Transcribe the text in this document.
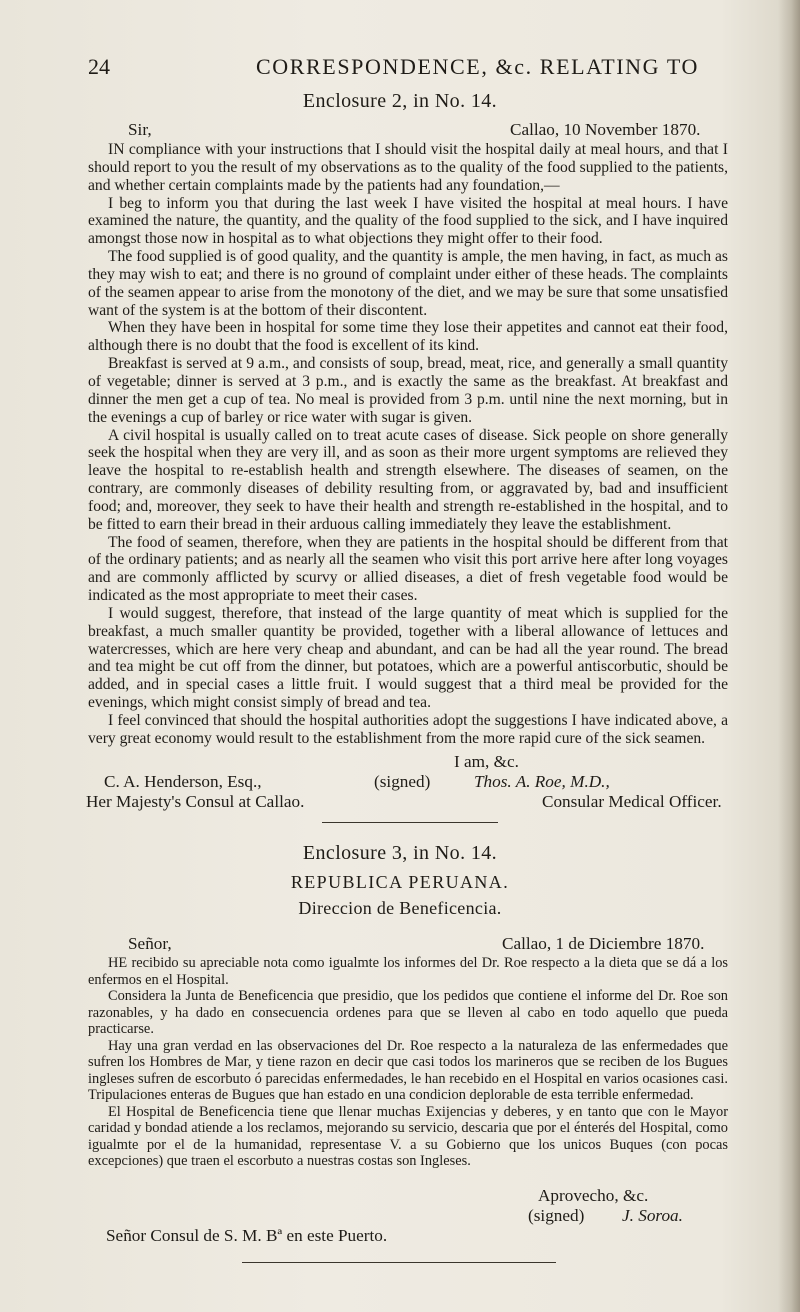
24	CORRESPONDENCE, &c. RELATING TO
Enclosure 2, in No. 14.
Sir,	Callao, 10 November 1870.

IN compliance with your instructions that I should visit the hospital daily at meal hours, and that I should report to you the result of my observations as to the quality of the food supplied to the patients, and whether certain complaints made by the patients had any foundation,—

I beg to inform you that during the last week I have visited the hospital at meal hours. I have examined the nature, the quantity, and the quality of the food supplied to the sick, and I have inquired amongst those now in hospital as to what objections they might offer to their food.

The food supplied is of good quality, and the quantity is ample, the men having, in fact, as much as they may wish to eat; and there is no ground of complaint under either of these heads. The complaints of the seamen appear to arise from the monotony of the diet, and we may be sure that some unsatisfied want of the system is at the bottom of their discontent.

When they have been in hospital for some time they lose their appetites and cannot eat their food, although there is no doubt that the food is excellent of its kind.

Breakfast is served at 9 a.m., and consists of soup, bread, meat, rice, and generally a small quantity of vegetable; dinner is served at 3 p.m., and is exactly the same as the breakfast. At breakfast and dinner the men get a cup of tea. No meal is provided from 3 p.m. until nine the next morning, but in the evenings a cup of barley or rice water with sugar is given.

A civil hospital is usually called on to treat acute cases of disease. Sick people on shore generally seek the hospital when they are very ill, and as soon as their more urgent symptoms are relieved they leave the hospital to re-establish health and strength elsewhere. The diseases of seamen, on the contrary, are commonly diseases of debility resulting from, or aggravated by, bad and insufficient food; and, moreover, they seek to have their health and strength re-established in the hospital, and to be fitted to earn their bread in their arduous calling immediately they leave the establishment.

The food of seamen, therefore, when they are patients in the hospital should be different from that of the ordinary patients; and as nearly all the seamen who visit this port arrive here after long voyages and are commonly afflicted by scurvy or allied diseases, a diet of fresh vegetable food would be indicated as the most appropriate to meet their cases.

I would suggest, therefore, that instead of the large quantity of meat which is supplied for the breakfast, a much smaller quantity be provided, together with a liberal allowance of lettuces and watercresses, which are here very cheap and abundant, and can be had all the year round. The bread and tea might be cut off from the dinner, but potatoes, which are a powerful antiscorbutic, should be added, and in special cases a little fruit. I would suggest that a third meal be provided for the evenings, which might consist simply of bread and tea.

I feel convinced that should the hospital authorities adopt the suggestions I have indicated above, a very great economy would result to the establishment from the more rapid cure of the sick seamen.

I am, &c.
C. A. Henderson, Esq.,	(signed)	Thos. A. Roe, M.D.,
Her Majesty's Consul at Callao.	Consular Medical Officer.
Enclosure 3, in No. 14.
REPUBLICA PERUANA.
Direccion de Beneficencia.
Señor,	Callao, 1 de Diciembre 1870.

HE recibido su apreciable nota como igualmte los informes del Dr. Roe respecto a la dieta que se dá a los enfermos en el Hospital.

Considera la Junta de Beneficencia que presidio, que los pedidos que contiene el informe del Dr. Roe son razonables, y ha dado en consecuencia ordenes para que se lleven al cabo en todo aquello que pueda practicarse.

Hay una gran verdad en las observaciones del Dr. Roe respecto a la naturaleza de las enfermedades que sufren los Hombres de Mar, y tiene razon en decir que casi todos los marineros que se reciben de los Bugues ingleses sufren de escorbuto ó parecidas enfermedades, le han recebido en el Hospital en varios ocasiones casi. Tripulaciones enteras de Bugues que han estado en una condicion deplorable de esta terrible enfermedad.

El Hospital de Beneficencia tiene que llenar muchas Exijencias y deberes, y en tanto que con le Mayor caridad y bondad atiende a los reclamos, mejorando su servicio, descaria que por el énterés del Hospital, como igualmte por el de la humanidad, representase V. a su Gobierno que los unicos Buques (con pocas excepciones) que traen el escorbuto a nuestras costas son Ingleses.

Aprovecho, &c.
(signed) J. Soroa.
Señor Consul de S. M. Bª en este Puerto.
